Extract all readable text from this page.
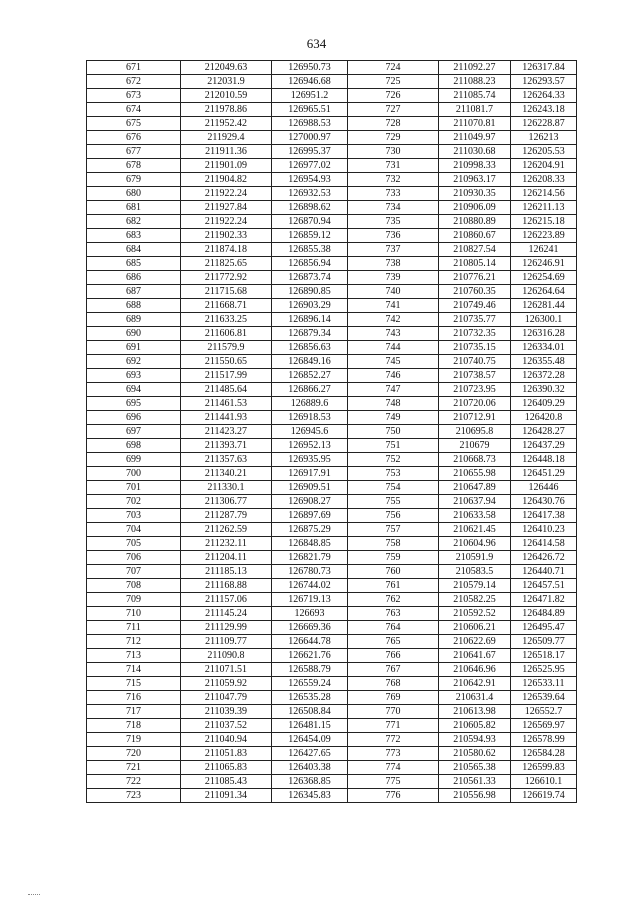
634
671	212049.63	126950.73	724	211092.27	126317.84
672	212031.9	126946.68	725	211088.23	126293.57
673	212010.59	126951.2	726	211085.74	126264.33
674	211978.86	126965.51	727	211081.7	126243.18
675	211952.42	126988.53	728	211070.81	126228.87
676	211929.4	127000.97	729	211049.97	126213
677	211911.36	126995.37	730	211030.68	126205.53
678	211901.09	126977.02	731	210998.33	126204.91
679	211904.82	126954.93	732	210963.17	126208.33
680	211922.24	126932.53	733	210930.35	126214.56
681	211927.84	126898.62	734	210906.09	126211.13
682	211922.24	126870.94	735	210880.89	126215.18
683	211902.33	126859.12	736	210860.67	126223.89
684	211874.18	126855.38	737	210827.54	126241
685	211825.65	126856.94	738	210805.14	126246.91
686	211772.92	126873.74	739	210776.21	126254.69
687	211715.68	126890.85	740	210760.35	126264.64
688	211668.71	126903.29	741	210749.46	126281.44
689	211633.25	126896.14	742	210735.77	126300.1
690	211606.81	126879.34	743	210732.35	126316.28
691	211579.9	126856.63	744	210735.15	126334.01
692	211550.65	126849.16	745	210740.75	126355.48
693	211517.99	126852.27	746	210738.57	126372.28
694	211485.64	126866.27	747	210723.95	126390.32
695	211461.53	126889.6	748	210720.06	126409.29
696	211441.93	126918.53	749	210712.91	126420.8
697	211423.27	126945.6	750	210695.8	126428.27
698	211393.71	126952.13	751	210679	126437.29
699	211357.63	126935.95	752	210668.73	126448.18
700	211340.21	126917.91	753	210655.98	126451.29
701	211330.1	126909.51	754	210647.89	126446
702	211306.77	126908.27	755	210637.94	126430.76
703	211287.79	126897.69	756	210633.58	126417.38
704	211262.59	126875.29	757	210621.45	126410.23
705	211232.11	126848.85	758	210604.96	126414.58
706	211204.11	126821.79	759	210591.9	126426.72
707	211185.13	126780.73	760	210583.5	126440.71
708	211168.88	126744.02	761	210579.14	126457.51
709	211157.06	126719.13	762	210582.25	126471.82
710	211145.24	126693	763	210592.52	126484.89
711	211129.99	126669.36	764	210606.21	126495.47
712	211109.77	126644.78	765	210622.69	126509.77
713	211090.8	126621.76	766	210641.67	126518.17
714	211071.51	126588.79	767	210646.96	126525.95
715	211059.92	126559.24	768	210642.91	126533.11
716	211047.79	126535.28	769	210631.4	126539.64
717	211039.39	126508.84	770	210613.98	126552.7
718	211037.52	126481.15	771	210605.82	126569.97
719	211040.94	126454.09	772	210594.93	126578.99
720	211051.83	126427.65	773	210580.62	126584.28
721	211065.83	126403.38	774	210565.38	126599.83
722	211085.43	126368.85	775	210561.33	126610.1
723	211091.34	126345.83	776	210556.98	126619.74
